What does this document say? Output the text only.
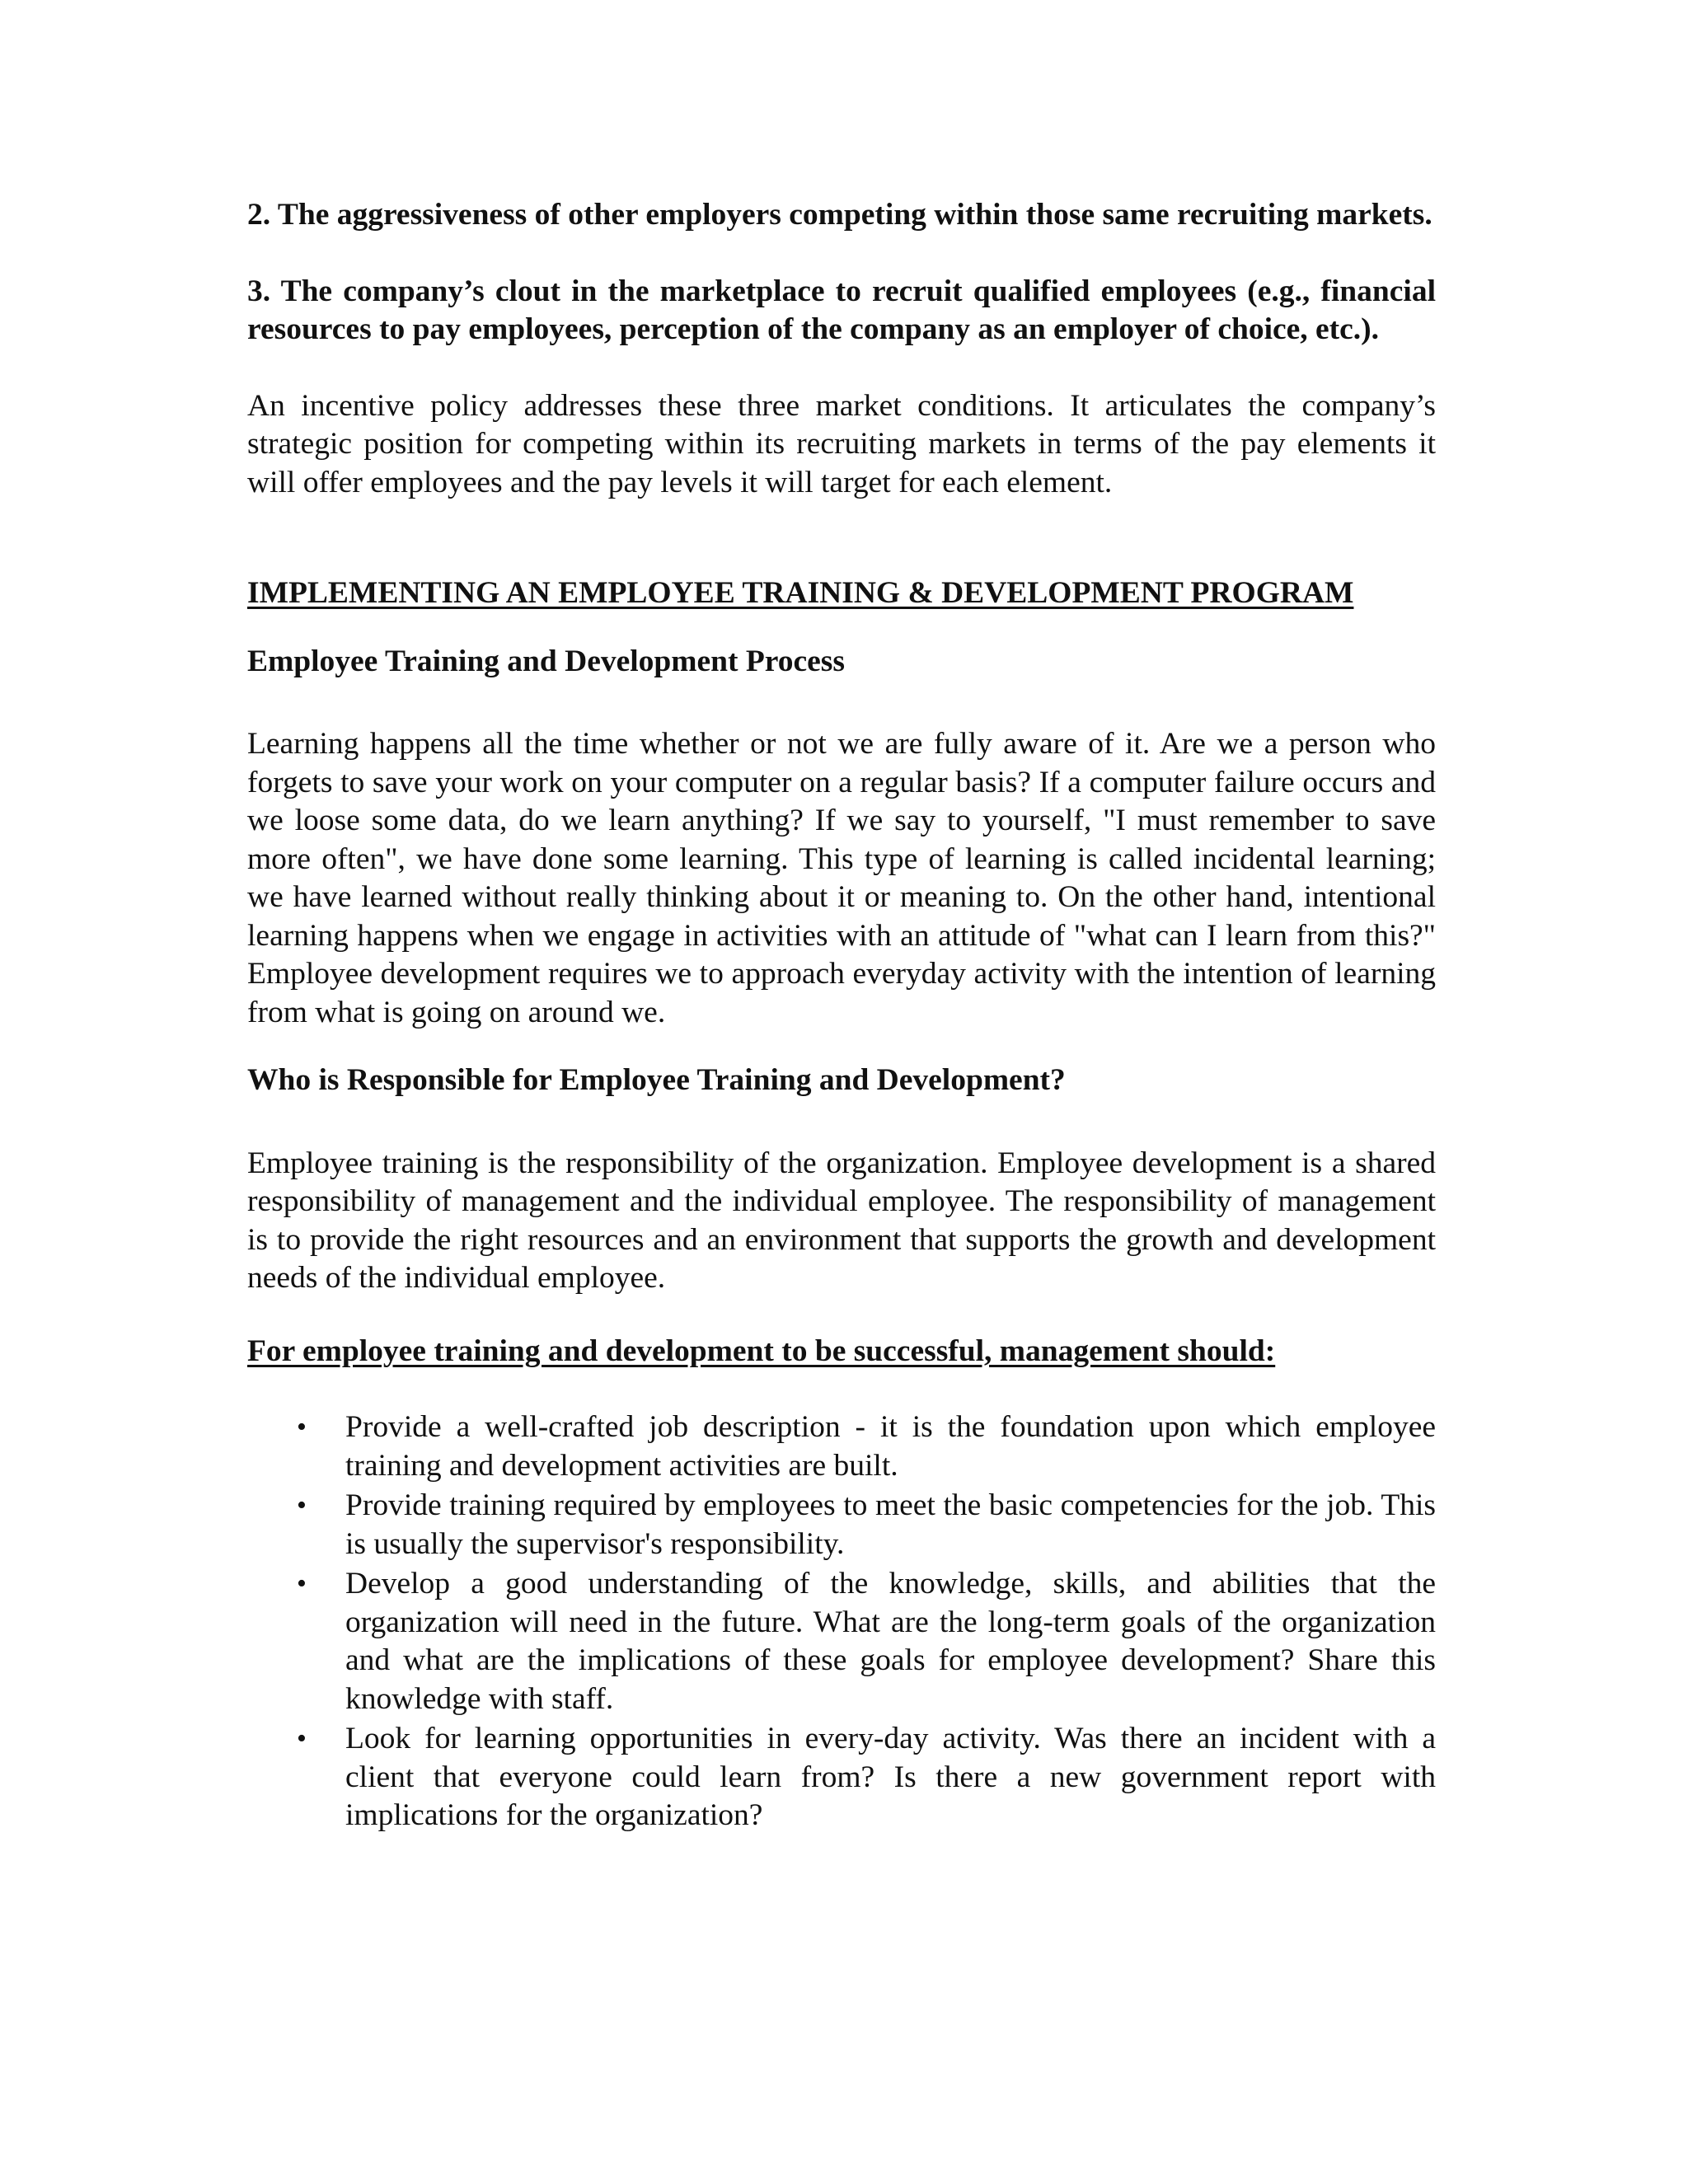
2. The aggressiveness of other employers competing within those same recruiting markets.

3. The company’s clout in the marketplace to recruit qualified employees (e.g., financial resources to pay employees, perception of the company as an employer of choice, etc.).

An incentive policy addresses these three market conditions. It articulates the company’s strategic position for competing within its recruiting markets in terms of the pay elements it will offer employees and the pay levels it will target for each element.

IMPLEMENTING AN EMPLOYEE TRAINING & DEVELOPMENT PROGRAM

Employee Training and Development Process

Learning happens all the time whether or not we are fully aware of it. Are we a person who forgets to save your work on your computer on a regular basis? If a computer failure occurs and we loose some data, do we learn anything? If we say to yourself, "I must remember to save more often", we have done some learning. This type of learning is called incidental learning; we have learned without really thinking about it or meaning to. On the other hand, intentional learning happens when we engage in activities with an attitude of "what can I learn from this?" Employee development requires we to approach everyday activity with the intention of learning from what is going on around we.

Who is Responsible for Employee Training and Development?

Employee training is the responsibility of the organization. Employee development is a shared responsibility of management and the individual employee. The responsibility of management is to provide the right resources and an environment that supports the growth and development needs of the individual employee.

For employee training and development to be successful, management should:

• Provide a well-crafted job description - it is the foundation upon which employee training and development activities are built.
• Provide training required by employees to meet the basic competencies for the job. This is usually the supervisor's responsibility.
• Develop a good understanding of the knowledge, skills, and abilities that the organization will need in the future. What are the long-term goals of the organization and what are the implications of these goals for employee development? Share this knowledge with staff.
• Look for learning opportunities in every-day activity. Was there an incident with a client that everyone could learn from? Is there a new government report with implications for the organization?
